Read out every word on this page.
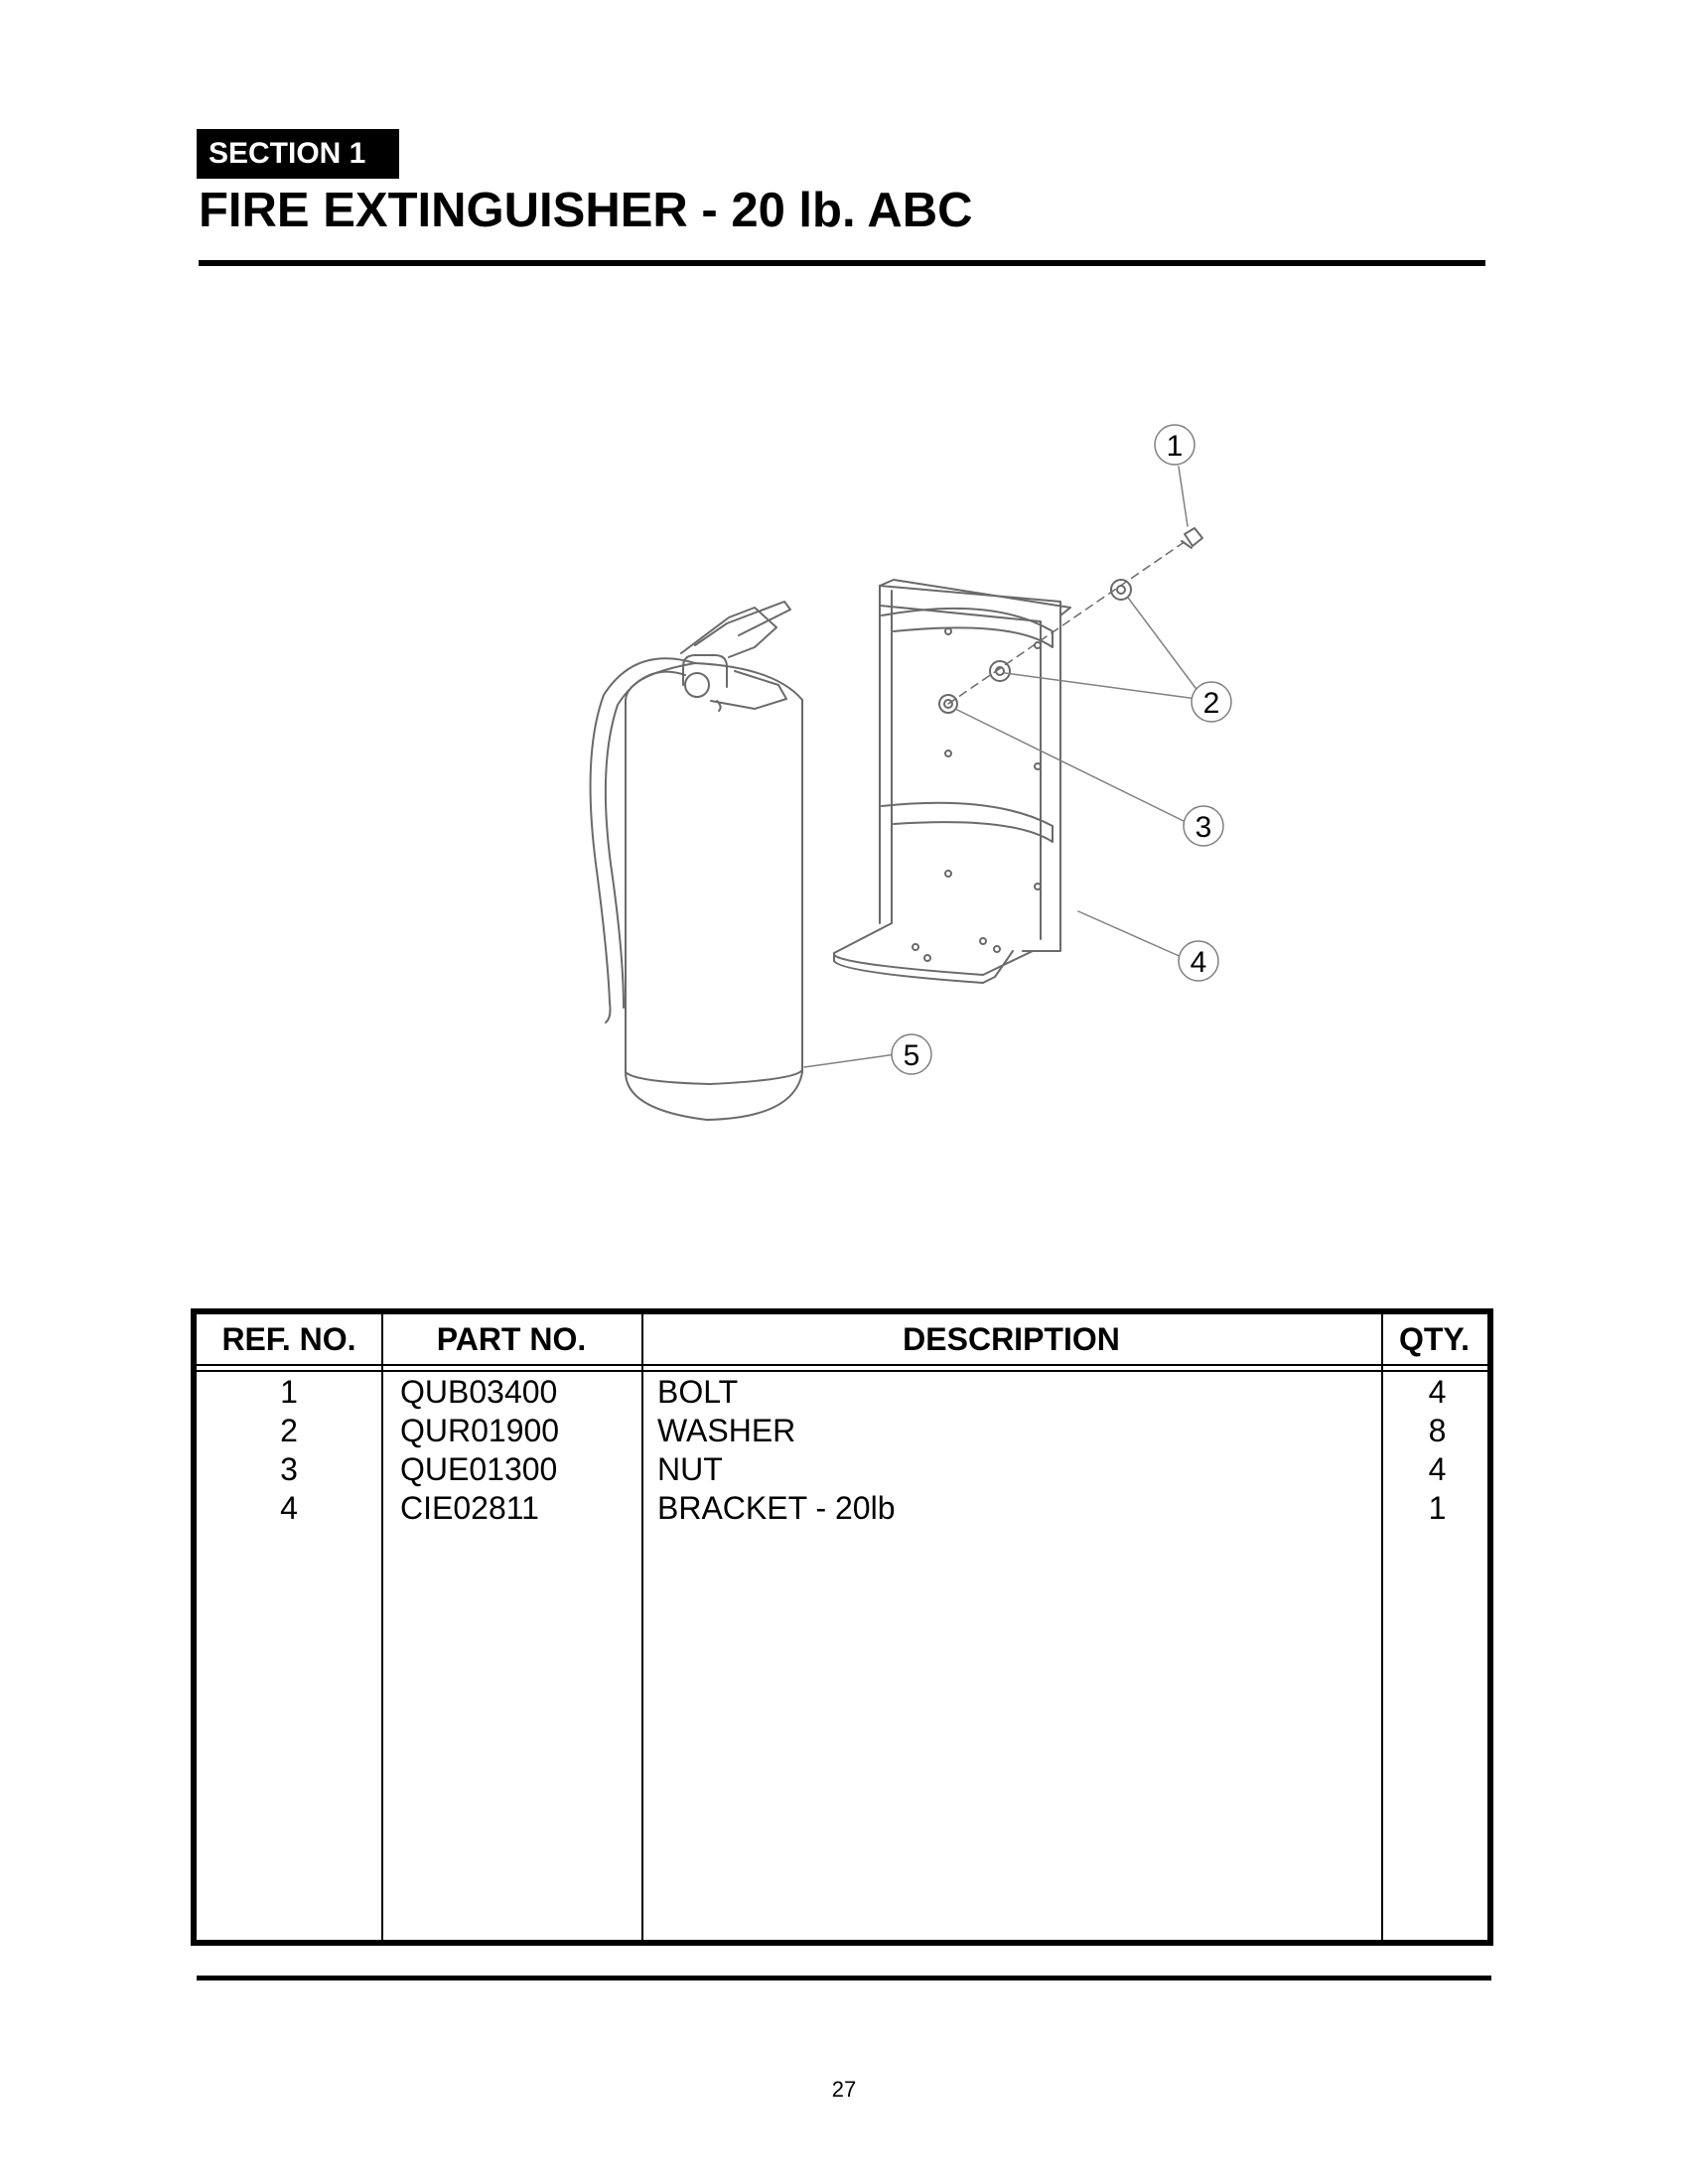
SECTION 1
FIRE EXTINGUISHER - 20 lb. ABC
1
2
3
4
5
REF. NO.	PART NO.	DESCRIPTION	QTY.
1	QUB03400	BOLT	4
2	QUR01900	WASHER	8
3	QUE01300	NUT	4
4	CIE02811	BRACKET - 20lb	1
27
